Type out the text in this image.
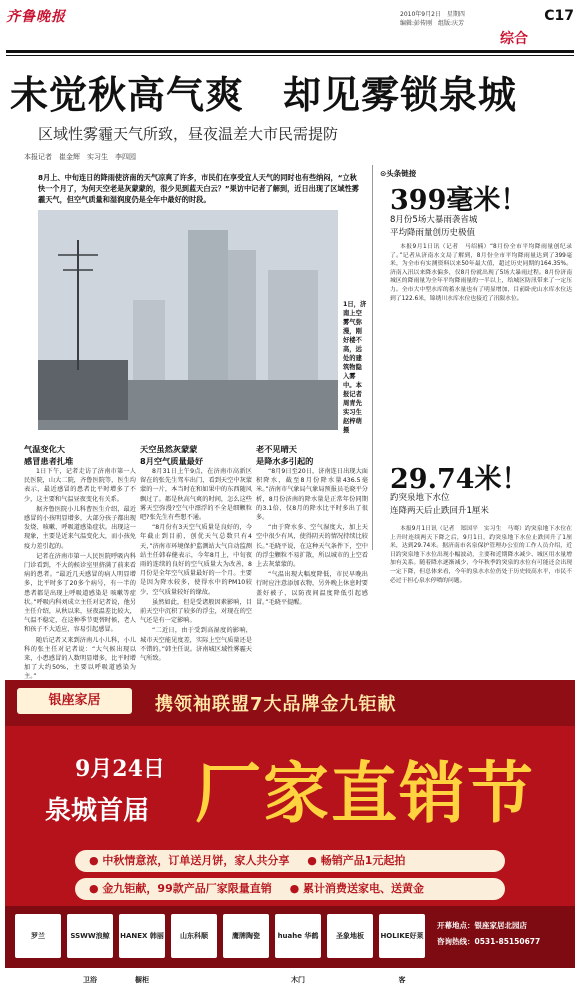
齐鲁晚报	2010年9月2日　星期四
编辑:彭传刚　组版:庆芳
综合
C17
未觉秋高气爽　却见雾锁泉城
区域性雾霾天气所致，昼夜温差大市民需提防
本报记者　崔金辉　实习生　李四园
8月上、中旬连日的降雨使济南的天气凉爽了许多，市民们在享受宜人天气的同时也有些纳闷，“立秋快一个月了，为何天空老是灰蒙蒙的，很少见到蓝天白云？”果访中记者了解到，近日出现了区域性雾霾天气，但空气质量和湿润度仍是全年中最好的时段。
1日，济南上空雾气弥漫，刚好楼不高，远处的建筑物隐入雾中。本报记者周青先　实习生赵梓萌　摄
气温变化大
感冒患者扎堆

1日下午，记者走访了济南市第一人民医院，山大二院，齐鲁医院等，医生均表示，最近感冒的患者比平时增多了不少，这主要和气温昼夜变化有关系。

据齐鲁医院小儿科曹医生介绍，最近感冒的小孩明显增多，大部分孩子都出现发烧、咳嗽、呼吸道感染症状。出现这一现象，主要是近来气温变化大，而小孩免疫力差引起的。

记者在济南市第一人民医院呼吸内科门诊看到，不大的候诊室里挤满了前来看病的患者。“最近几天感冒的病人明显增多，比平时多了20多个病号，有一半的患者都是出现上呼吸道感染是 咳嗽等症状。”呼吸内科刘成立主任对记者说，他另主任介绍，从秋以来，昼夜温差比较大，气温不稳定，在这种季节更替时候，老人和孩子不大适应，容易引起感冒。

随后记者又来到济南儿小儿科，小儿科的张主任对记者说：“大气候出现以来，小患感冒的人数明显增多，比平时增加了大约50%，主要以呼吸道感染为主。”

天空虽然灰蒙蒙
8月空气质量最好

8月31日上午9点，在济南市高新区留在的张先生驾车出门，看到天空中灰蒙蒙的一片，本当时在和如果中的东西随风飘过了。都是秋高气爽的时间，怎么这些雾天空弥漫?空气中漂浮的不全是细颗粒吧?张先生有些想不通。

“8月份有3天空气质量是良好的，今年截止到目前，创优天气总数只有4天，”济南市环境保护监测站大气自动监测站主任韩春健表示，今年8月上，中旬夜雨的连续的良好的空气质量大为改善，8月份是全年空气质量最好的一个月。主要是因为降水较多，使得水中的PM10较少，空气质量较好的缘故。

虽然如此，但是受诸般因素影响，目前天空中沉积了较多的浮尘，对现在的空气还是有一定影响。

“二近日，由于受到高湿度的影响，城市天空能见度差，实际上空气质量还是不错的。”韩主任说。济南城区域性雾霾天气所致。

老不见晴天
是降水多引起的

“8月9日至20日，济南连日出现大面积降水，截至8月份降水量436.5毫米。”济南市气象局气象局预报员毛晓平分析，8月份济南的降水量是正常年份同期的3.1倍，仅8月的降水比平时多出了很多。

“由于降水多、空气湿度大，加上天空中很少有风，使得阴天的情况持续比较长。”毛晓平说，在这种天气条件下，空中的浮尘颗粒不易扩散，所以城市的上空看上去灰蒙蒙的。

“气温出现大幅度降低，市民早晚出行时应注意添加衣物，另外晚上休息时要盖好被子，以防夜间温度降低引起感冒。”毛晓平提醒。

⊙头条链接
399毫米！
8月份5场大暴雨袭省城
平均降雨量创历史极值

本报9月1日讯（记者　马绍楠）“8月份全市平均降雨量创纪录了。”记者从济南水文局了解到，8月份全市平均降雨量达到了399毫米，为全市有实测资料以来50年最大值，超过历史同期的164.35%。济南入汛以来降水偏多，仅8月份就出现了5场大暴雨过程。8月份济南城区的降雨量为全年平均降雨量的一半以上，给城区防汛带来了一定压力。全市大中型水库的蓄水量也有了明显增加，目前卧虎山水库水位达到了122.6米，锦绣川水库水位也接近了汛限水位。

29.74米！
趵突泉地下水位
连降两天后止跌回升1厘米

本报9月1日讯（记者　郑国平　实习生　马骞）趵突泉地下水位在上升时连续两天下降之后，9月1日，趵突泉地下水位止跌回升了1厘米，达到29.74米。据济南市名泉保护管理办公室的工作人员介绍，近日趵突泉地下水位出现小幅波动，主要和近期降水减少、城区用水量增加有关系。随着降水逐渐减少，今年秋季趵突泉的水位有可能还会出现一定下降，但总体来看，今年的泉水水位仍处于历史较高水平，市民不必过于担心泉水停喷的问题。

银座家居	携领袖联盟7大品牌金九钜献
9月24日
泉城首届 厂家直销节
● 中秋情意浓，订单送月饼，家人共分享 ● 畅销产品1元起拍
● 金九钜献，99款产品厂家限量直销 ● 累计消费送家电、送黄金
罗兰	SSWW浪鲸卫浴
HANEX 韩丽橱柜
山东科顺	鹰牌陶瓷	huahe 华鹤木门
圣象地板	HOLIKE好莱客
开幕地点：银座家居北园店
咨询热线：0531-85150677
